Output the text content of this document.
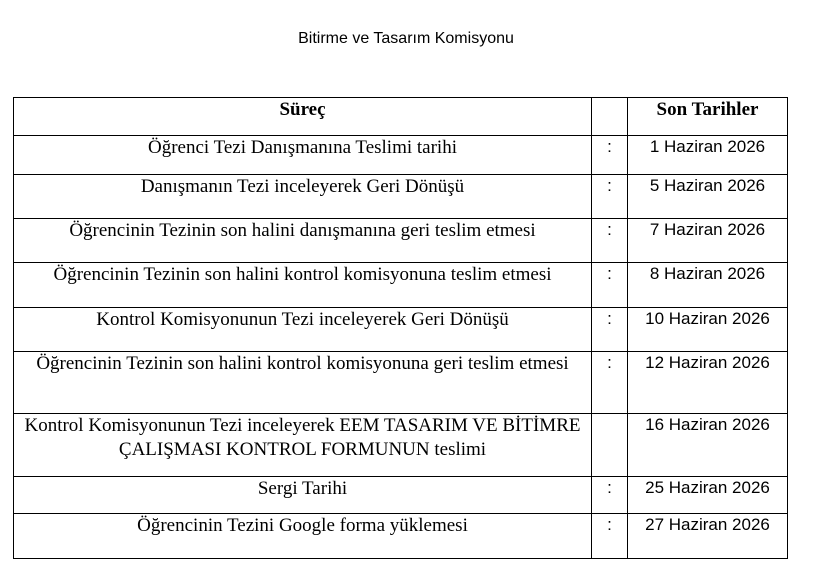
Bitirme ve Tasarım Komisyonu
Süreç		Son Tarihler
Öğrenci Tezi Danışmanına Teslimi tarihi	:	1 Haziran 2026
Danışmanın Tezi inceleyerek Geri Dönüşü	:	5 Haziran 2026
Öğrencinin Tezinin son halini danışmanına geri teslim etmesi	:	7 Haziran 2026
Öğrencinin Tezinin son halini kontrol komisyonuna teslim etmesi	:	8 Haziran 2026
Kontrol Komisyonunun Tezi inceleyerek Geri Dönüşü	:	10 Haziran 2026
Öğrencinin Tezinin son halini kontrol komisyonuna geri teslim etmesi	:	12 Haziran 2026
Kontrol Komisyonunun Tezi inceleyerek EEM TASARIM VE BİTİMRE ÇALIŞMASI KONTROL FORMUNUN teslimi		16 Haziran 2026
Sergi Tarihi	:	25 Haziran 2026
Öğrencinin Tezini Google forma yüklemesi	:	27 Haziran 2026
